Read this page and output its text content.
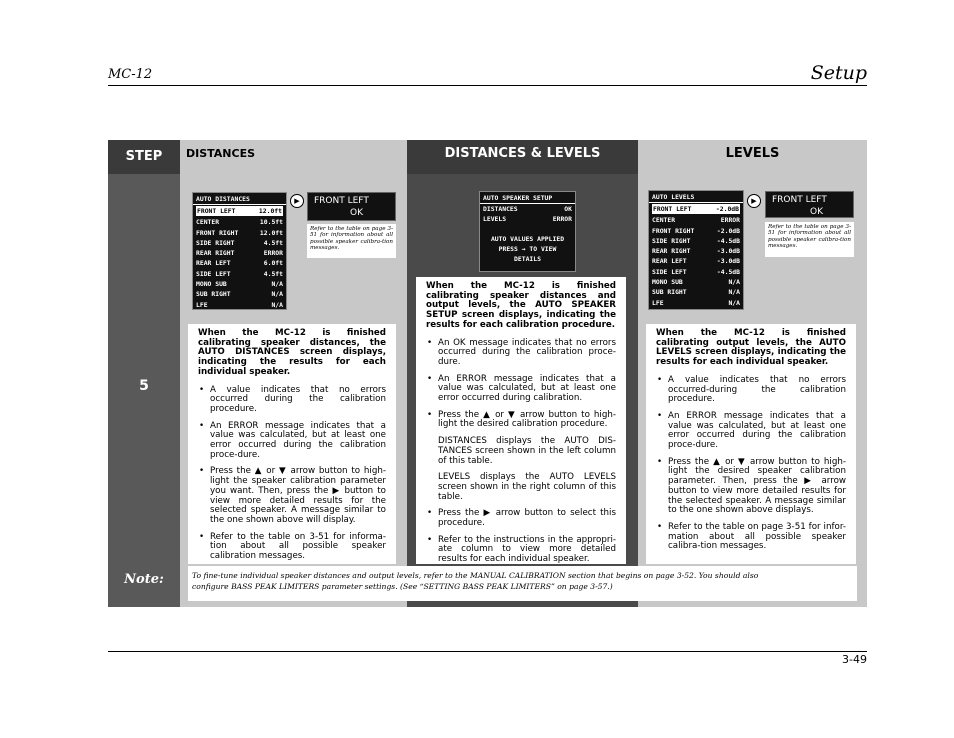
MC-12	Setup
STEP	DISTANCES	DISTANCES & LEVELS	LEVELS
5
Note:
AUTO DISTANCES
FRONT LEFT	12.0ft
CENTER	10.5ft
FRONT RIGHT	12.0ft
SIDE RIGHT	4.5ft
REAR RIGHT	ERROR
REAR LEFT	6.0ft
SIDE LEFT	4.5ft
MONO SUB	N/A
SUB RIGHT	N/A
LFE	N/A
▶	FRONT LEFT
OK
Refer to the table on page 3-51 for information about all possible speaker calibra-tion messages.
When the MC-12 is finished calibrating speaker distances, the AUTO DISTANCES screen displays, indicating the results for each individual speaker.
• A value indicates that no errors occurred during the calibration procedure.
• An ERROR message indicates that a value was calculated, but at least one error occurred during the calibration proce-dure.
• Press the ▲ or ▼ arrow button to high-light the speaker calibration parameter you want. Then, press the ▶ button to view more detailed results for the selected speaker. A message similar to the one shown above will display.
• Refer to the table on 3-51 for informa-tion about all possible speaker calibration messages.
AUTO SPEAKER SETUP
DISTANCES	OK
LEVELS	ERROR
AUTO VALUES APPLIED
PRESS → TO VIEW
DETAILS
When the MC-12 is finished calibrating speaker distances and output levels, the AUTO SPEAKER SETUP screen displays, indicating the results for each calibration procedure.
• An OK message indicates that no errors occurred during the calibration proce-dure.
• An ERROR message indicates that a value was calculated, but at least one error occurred during calibration.
• Press the ▲ or ▼ arrow button to high-light the desired calibration procedure.

DISTANCES displays the AUTO DIS-TANCES screen shown in the left column of this table.

LEVELS displays the AUTO LEVELS screen shown in the right column of this table.

• Press the ▶ arrow button to select this procedure.
• Refer to the instructions in the appropri-ate column to view more detailed results for each individual speaker.
AUTO LEVELS
FRONT LEFT	-2.0dB
CENTER	ERROR
FRONT RIGHT	-2.0dB
SIDE RIGHT	-4.5dB
REAR RIGHT	-3.0dB
REAR LEFT	-3.0dB
SIDE LEFT	-4.5dB
MONO SUB	N/A
SUB RIGHT	N/A
LFE	N/A
▶	FRONT LEFT
OK
Refer to the table on page 3-51 for information about all possible speaker calibra-tion messages.
When the MC-12 is finished calibrating output levels, the AUTO LEVELS screen displays, indicating the results for each individual speaker.
• A value indicates that no errors occurred-during the calibration procedure.
• An ERROR message indicates that a value was calculated, but at least one error occurred during the calibration proce-dure.
• Press the ▲ or ▼ arrow button to high-light the desired speaker calibration parameter. Then, press the ▶ arrow button to view more detailed results for the selected speaker. A message similar to the one shown above displays.
• Refer to the table on page 3-51 for infor-mation about all possible speaker calibra-tion messages.
To fine-tune individual speaker distances and output levels, refer to the MANUAL CALIBRATION section that begins on page 3-52. You should also
configure BASS PEAK LIMITERS parameter settings. (See “SETTING BASS PEAK LIMITERS” on page 3-57.)
3-49
